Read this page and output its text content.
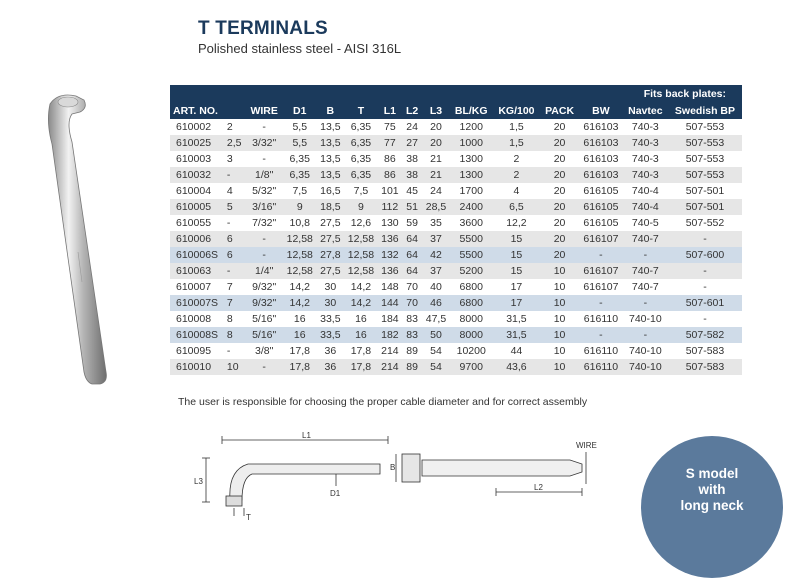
T TERMINALS
Polished stainless steel - AISI 316L
Fits back plates:														
ART. NO.		WIRE	D1	B	T	L1	L2	L3	BL/KG	KG/100	PACK	BW	Navtec	Swedish BP
610002	2	-	5,5	13,5	6,35	75	24	20	1200	1,5	20	616103	740-3	507-553
610025	2,5	3/32"	5,5	13,5	6,35	77	27	20	1000	1,5	20	616103	740-3	507-553
610003	3	-	6,35	13,5	6,35	86	38	21	1300	2	20	616103	740-3	507-553
610032	-	1/8"	6,35	13,5	6,35	86	38	21	1300	2	20	616103	740-3	507-553
610004	4	5/32"	7,5	16,5	7,5	101	45	24	1700	4	20	616105	740-4	507-501
610005	5	3/16"	9	18,5	9	112	51	28,5	2400	6,5	20	616105	740-4	507-501
610055	-	7/32"	10,8	27,5	12,6	130	59	35	3600	12,2	20	616105	740-5	507-552
610006	6	-	12,58	27,5	12,58	136	64	37	5500	15	20	616107	740-7	-
610006S	6	-	12,58	27,8	12,58	132	64	42	5500	15	20	-	-	507-600
610063	-	1/4"	12,58	27,5	12,58	136	64	37	5200	15	10	616107	740-7	-
610007	7	9/32"	14,2	30	14,2	148	70	40	6800	17	10	616107	740-7	-
610007S	7	9/32"	14,2	30	14,2	144	70	46	6800	17	10	-	-	507-601
610008	8	5/16"	16	33,5	16	184	83	47,5	8000	31,5	10	616110	740-10	-
610008S	8	5/16"	16	33,5	16	182	83	50	8000	31,5	10	-	-	507-582
610095	-	3/8"	17,8	36	17,8	214	89	54	10200	44	10	616110	740-10	507-583
610010	10	-	17,8	36	17,8	214	89	54	9700	43,6	10	616110	740-10	507-583
The user is responsible for choosing the proper cable diameter and for correct assembly
L1
L3
D1
T
B
WIRE
L2
S model
with
long neck
